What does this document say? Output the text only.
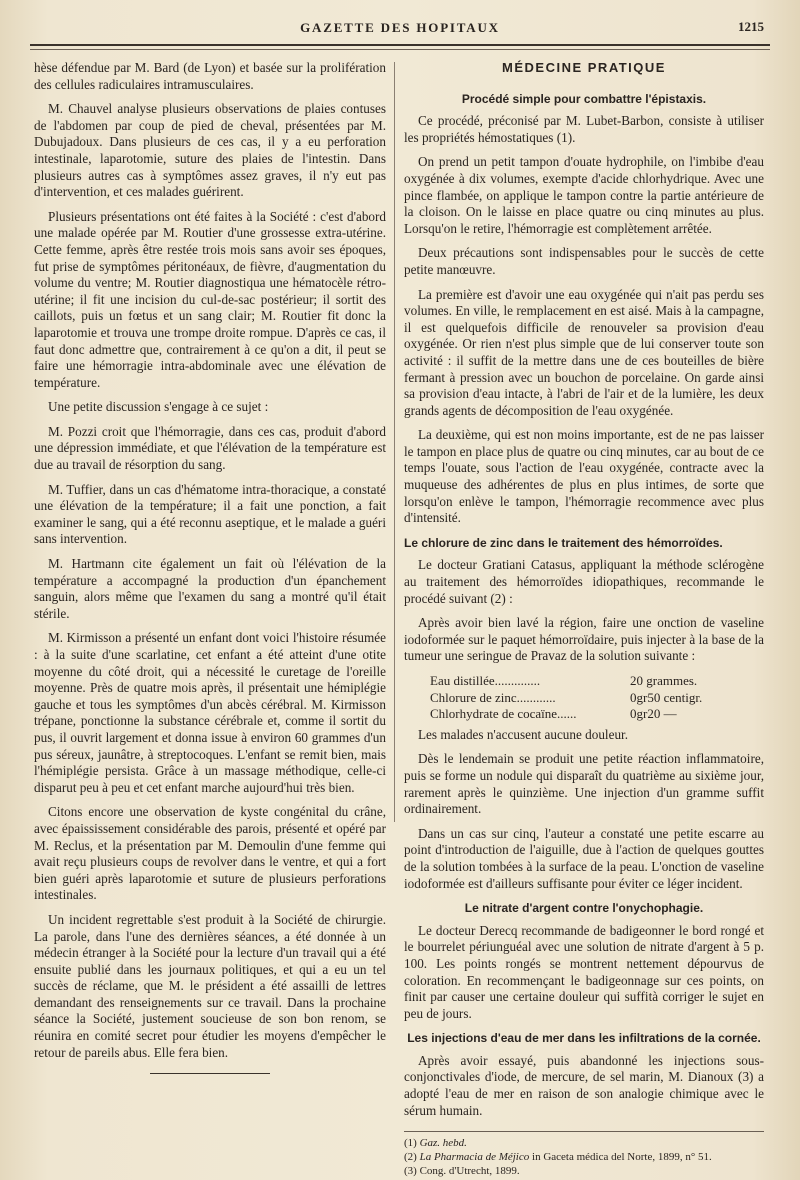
GAZETTE DES HOPITAUX	1215

hèse défendue par M. Bard (de Lyon) et basée sur la prolifération des cellules radiculaires intramusculaires.

M. Chauvel analyse plusieurs observations de plaies contuses de l'abdomen par coup de pied de cheval, présentées par M. Dubujadoux. Dans plusieurs de ces cas, il y a eu perforation intestinale, laparotomie, suture des plaies de l'intestin. Dans plusieurs autres cas à symptômes assez graves, il n'y eut pas d'intervention, et ces malades guérirent.

Plusieurs présentations ont été faites à la Société : c'est d'abord une malade opérée par M. Routier d'une grossesse extra-utérine. Cette femme, après être restée trois mois sans avoir ses époques, fut prise de symptômes péritonéaux, de fièvre, d'augmentation du volume du ventre; M. Routier diagnostiqua une hématocèle rétro-utérine; il fit une incision du cul-de-sac postérieur; il sortit des caillots, puis un fœtus et un sang clair; M. Routier fit donc la laparotomie et trouva une trompe droite rompue. D'après ce cas, il faut donc admettre que, contrairement à ce qu'on a dit, il peut se faire une hémorragie intra-abdominale avec une élévation de température.

Une petite discussion s'engage à ce sujet :

M. Pozzi croit que l'hémorragie, dans ces cas, produit d'abord une dépression immédiate, et que l'élévation de la température est due au travail de résorption du sang.

M. Tuffier, dans un cas d'hématome intra-thoracique, a constaté une élévation de la température; il a fait une ponction, a fait examiner le sang, qui a été reconnu aseptique, et le malade a guéri sans intervention.

M. Hartmann cite également un fait où l'élévation de la température a accompagné la production d'un épanchement sanguin, alors même que l'examen du sang a montré qu'il était stérile.

M. Kirmisson a présenté un enfant dont voici l'histoire résumée : à la suite d'une scarlatine, cet enfant a été atteint d'une otite moyenne du côté droit, qui a nécessité le curetage de l'oreille moyenne. Près de quatre mois après, il présentait une hémiplégie gauche et tous les symptômes d'un abcès cérébral. M. Kirmisson trépane, ponctionne la substance cérébrale et, comme il sortit du pus, il ouvrit largement et donna issue à environ 60 grammes d'un pus séreux, jaunâtre, à streptocoques. L'enfant se remit bien, mais l'hémiplégie persista. Grâce à un massage méthodique, celle-ci disparut peu à peu et cet enfant marche aujourd'hui très bien.

Citons encore une observation de kyste congénital du crâne, avec épaississement considérable des parois, présenté et opéré par M. Reclus, et la présentation par M. Demoulin d'une femme qui avait reçu plusieurs coups de revolver dans le ventre, et qui a fort bien guéri après laparotomie et suture de plusieurs perforations intestinales.

Un incident regrettable s'est produit à la Société de chirurgie. La parole, dans l'une des dernières séances, a été donnée à un médecin étranger à la Société pour la lecture d'un travail qui a été ensuite publié dans les journaux politiques, et qui a eu un tel succès de réclame, que M. le président a été assailli de lettres demandant des renseignements sur ce travail. Dans la prochaine séance la Société, justement soucieuse de son bon renom, se réunira en comité secret pour étudier les moyens d'empêcher le retour de pareils abus. Elle fera bien.

MÉDECINE PRATIQUE
Procédé simple pour combattre l'épistaxis.

Ce procédé, préconisé par M. Lubet-Barbon, consiste à utiliser les propriétés hémostatiques (1).

On prend un petit tampon d'ouate hydrophile, on l'imbibe d'eau oxygénée à dix volumes, exempte d'acide chlorhydrique. Avec une pince flambée, on applique le tampon contre la partie antérieure de la cloison. On le laisse en place quatre ou cinq minutes au plus. Lorsqu'on le retire, l'hémorragie est complètement arrêtée.

Deux précautions sont indispensables pour le succès de cette petite manœuvre.

La première est d'avoir une eau oxygénée qui n'ait pas perdu ses volumes. En ville, le remplacement en est aisé. Mais à la campagne, il est quelquefois difficile de renouveler sa provision d'eau oxygénée. Or rien n'est plus simple que de lui conserver toute son activité : il suffit de la mettre dans une de ces bouteilles de bière fermant à pression avec un bouchon de porcelaine. On garde ainsi sa provision d'eau intacte, à l'abri de l'air et de la lumière, les deux grands agents de décomposition de l'eau oxygénée.

La deuxième, qui est non moins importante, est de ne pas laisser le tampon en place plus de quatre ou cinq minutes, car au bout de ce temps l'ouate, sous l'action de l'eau oxygénée, contracte avec la muqueuse des adhérentes de plus en plus intimes, de sorte que lorsqu'on enlève le tampon, l'hémorragie recommence avec plus d'intensité.

Le chlorure de zinc dans le traitement des hémorroïdes.

Le docteur Gratiani Catasus, appliquant la méthode sclérogène au traitement des hémorroïdes idiopathiques, recommande le procédé suivant (2) :

Après avoir bien lavé la région, faire une onction de vaseline iodoformée sur le paquet hémorroïdaire, puis injecter à la base de la tumeur une seringue de Pravaz de la solution suivante :

Eau distillée..............	20 grammes.
Chlorure de zinc............	0gr50 centigr.
Chlorhydrate de cocaïne......	0gr20 —

Les malades n'accusent aucune douleur.

Dès le lendemain se produit une petite réaction inflammatoire, puis se forme un nodule qui disparaît du quatrième au sixième jour, rarement après le quinzième. Une injection d'un gramme suffit ordinairement.

Dans un cas sur cinq, l'auteur a constaté une petite escarre au point d'introduction de l'aiguille, due à l'action de quelques gouttes de la solution tombées à la surface de la peau. L'onction de vaseline iodoformée est d'ailleurs suffisante pour éviter ce léger incident.

Le nitrate d'argent contre l'onychophagie.

Le docteur Derecq recommande de badigeonner le bord rongé et le bourrelet périunguéal avec une solution de nitrate d'argent à 5 p. 100. Les points rongés se montrent nettement dépourvus de coloration. En recommençant le badigeonnage sur ces points, on finit par causer une certaine douleur qui suffità corriger le sujet en peu de jours.

Les injections d'eau de mer dans les infiltrations de la cornée.

Après avoir essayé, puis abandonné les injections sous-conjonctivales d'iode, de mercure, de sel marin, M. Dianoux (3) a adopté l'eau de mer en raison de son analogie chimique avec le sérum humain.

(1) Gaz. hebd.
(2) La Pharmacia de Méjico in Gaceta médica del Norte, 1899, n° 51.
(3) Cong. d'Utrecht, 1899.
